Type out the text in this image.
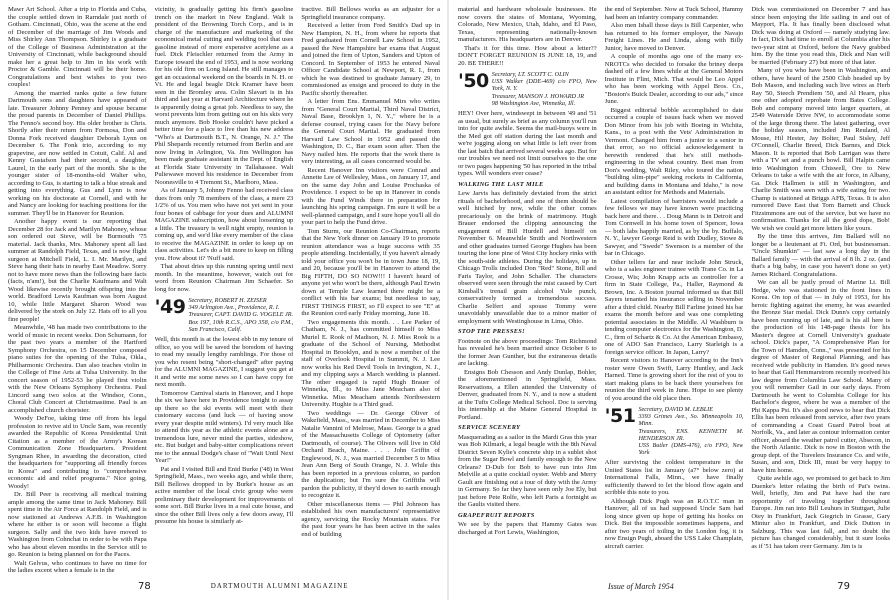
Mawr Art School. After a trip to Florida and Cuba, the couple settled down in Rarndale just north of Gotham. Cincinnati, Ohio, was the scene at the end of December of the marriage of Jim Woods and Miss Shirley Ann Thompson. Shirley is a graduate of the College of Business Administration at the University of Cincinnati, while background should make her a great help to Jim in his work with Proctor & Gamble. Cincinnati will be their home. Congratulations and best wishes to you two couples!

Among the married ranks quite a few future Dartmouth sons and daughters have appeared of late. Treasurer Johnny Penney and spouse became the proud parents in December of Daniel Phillips. The Fenno's second boy. His older brother is Chris. Shortly after their return from Formosa, Don and Donna Fork received daughter Deborah Lynn on December 6. The Fonk trio, according to my grapevine, are now settled in Cotuit, Calif. Al and Kenny Gustafson had their second, a daughter, Laurel, in the early part of the month. She is the younger sister of 18-months-old Walter who, according to Gus, is starting to talk a blue streak and getting into everything. Gus and Lynn is now working on his doctorate at Cornell, and with he and Nancy are looking for teaching positions for the summer. They'll be in Hanover for Reunion.

Another happy event is our reporting that December 28 for Jack and Marilyn Mahoney, whose son ordered out Steve, will be Burmouth '75 material. Jack thanks, Mrs. Mahoney spent all last summer at Randolph Field, Texas, and is now flight surgeon at Mitchell Field, L. I. Mr. Marilyn, and Steve hang their hats in nearby East Meadow. Sorry not to have more news than the following bare facts (facts, n'am!), but the Charlie Kaufmans and Walt Wood likewise recently brought offspring into the world. Bradford Lewis Kaufman was born August 10, while little Margaret Sharon Wood was delivered by the stork on July 12. Hats off to all you fine people!

Meanwhile, '48 has made two contributions to the world of music in recent weeks. Don Schumann, for the past two years a member of the Hartford Symphony Orchestra, on 15 December composed piano suites for the opening of the Tulsa, Okla., Philharmonic Orchestra. Dan also teaches violin in the College of Fine Arts at Tulsa University. In the concert season of 1952-53 he played first violin with the New Orleans Symphony Orchestra. Paul Lincord sang two solos at the Windsor, Conn., Choral Club Concert at Christmastime. Paul is an accomplished church chorister.

Woody DeFoe, taking time off from his legal profession to revive aid to Uncle Sam, was recently awarded the Republic of Korea Presidential Unit Citation as a member of the Army's Korean Communication Zone Headquarters. President Syngman Rhee, in awarding the decoration, cited the headquarters for "supporting all friendly forces in Korea" and contributing to "comprehensive economic aid and relief programs." Nice going, Woody!

Dr. Bill Peer is receiving all medical training ample among the same time in Jack Mahoney. Bill spent time in the Air Force at Randolph Field, and is now stationed at Andrews A.F.B. in Washington where he either is or soon will become a flight surgeon. Sally and the two kids have moved to Washington from Cohnchat in order to be with Papa who has about eleven months in the Service still to go. Reunion is being planned on for the Paces.

Walt Gelvus, who continues to have no time for the ladies except when a female is in the

vicinity, is gradually getting his firm's gasoline trench on the market in New England. Walt is president of the Browning Torch Corp., and is in charge of the manufacture and marketing of the economical metal cutting and welding tool that uses gasoline instead of more expensive acetylene as a fuel. Dick Fleischler returned from the Army in Europe toward the end of 1953, and is now working for his old firm on Long Island. He still manages to get an occasional weekend on the boards in N. H. or Vt. He and legal beagle Dick Kramer have been seen in the Bromley area. Colin Slavart is in his third and last year at Harvard Architecture where he is apparently doing a great job. Needless to say, the worst prevents him from getting out on his skis very much anymore. Bob Hooke couldn't have picked a better time for a place to live than his new address "Who's at Dartmouth B.T., N. Orange, N. J." The Phil Shepards recently returned from Berlin and are now living in Arlington, Va. Jim Wellington has been made graduate assistant in the Dept. of English at Florida State University in Tallahassee. Walt Puliewawe moved his residence in December from Noonesville to 4 Tremont St., Marlboro, Mass.

As of January 5, Johnny Fenno had received class dues from only 78 members of the class, a mere 23 1/2% of us. You men who have not yet sent in your four bones of cabbage for your dues and ALUMNI MAGAZINE subscription, how about loosening up a little. The treasury is well night empty, reunion is coming up, and we'd like every member of the class to receive the MAGAZINE in order to keep up on class activities. Let's do a bit more to keep on filling you. How about it? 'Nuff said.

That about dries up this running spring until next month. In the meantime, however, watch out for word from Reunion Chairman Jim Schaefer. So long for now.

'49 Secretary, ROBERT H. ZEISER
349 Arlington Ave., Providence, R. I.
Treasurer, CAPT. DAVID G. VOGELE JR.
Box 197, 10th R.C.S., APO 358, c/o P.M., San Francisco, Calif.

Well, this month is at the lowest ebb in my tenure of office, so you will be saved the boredom of having to read my usually lengthy ramblings. For those of you who resent being "short-changed" after paying for the ALUMNI MAGAZINE, I suggest you get at it and write me some news so I can have copy for next month.

Tomorrow Carnival starts in Hanover, and I hope the six we have here in Providence tonight to assay up there so the ski events will meet with their customary success (and luck — of having snow every year despite mild winters). I'd very much like to attend this year as the athletic events alone are a tremendous lure, never mind the parties, sideshow, etc. But budget and baby-sitter complications revert me to the annual Dodge's chase of "Wait Until Next Year!"

Pat and I visited Bill and Enid Burke ('48) in West Springfield, Mass., two weeks ago, and while there, Bill Bellows dropped in by Burke's house as an active member of the local civic group who were preliminary their development for improvements of some sort. Bill Burke lives in a real cute house, and since the other Bill lives only a few doors away, I'll presume his house is similarly at-

tractive. Bill Bellows works as an adjuster for a Springfield insurance company.

Received a letter from Fred Smith's Dad up in New Hampton, N. H., from where he reports that Fred graduated from Cornell Law School in 1952, passed the New Hampshire bar exams that August and joined the firm of Upton, Sanders and Upton of Concord. In September of 1953 he entered Naval Officer Candidate School at Newport, R. I., from which he was destined to graduate January 29, to commissioned as ensign and proceed to duty in the Pacific shortly thereafter.

A letter from Ens. Emmanuel Mirs who writes from "General Court Martial, Third Naval District, Naval Base, Brooklyn 1, N. Y.," where he is a defense counsel, trying cases for the Navy before the General Court Martial. He graduated from Harvard Law School in 1952 and passed the Washington, D. C., Bar exam soon after. Then the Navy nailed him. He reports that the work there is very interesting, as all cases concerned would be.

Recent Hanover Inn visitors were Conrad and Annette Lee of Wellesley, Mass., on January 17, and on the same day John and Louise Prochaska of Providence. I expect to be up in Hanover in conds with the Fund Winds there in preparation for launching his spring campaign. I'm sure it will be a well-planned campaign, and I sure hope you'll all do your part to help the Fund drive.

Tom Sturm, our Reunion Co-Chairman, reports that the New York dinner on January 19 to promote reunion attendance was a huge success with 35 people attending. Incidentally, if you haven't already told your office you won't be in town June 18, 19, and 20, because you'll be in Hanover to attend the Big FIFTH, DO SO NOW!!! I haven't heard of anyone yet who won't be there, although Paul Erwin down at Temple Law learned there might be a conflict with his bar exams; but needless to say, FIRST THINGS FIRST, so I'll expect to see "E" at the Reunion cord early Friday morning, June 18.

Two engagements this month. . . Lee Parker of Chatham, N. J., has committed himself to Miss Muriel E. Rook of Madison, N. J. Miss Rook is a graduate of the School of Nursing, Methodist Hospital in Brooklyn, and is now a member of the staff of Overlook Hospital in Summit, N. J. Lee now works his Red Devil Tools in Irvington, N. J., and my clipping says a March wedding is planned. The other engaged is rapid Hugh Brauer of Winnetka, Ill., to Miss Jane Meacham also of Winnetka. Miss Meacham attends Northwestern University. Hughie is a Third grad.

Two weddings — Dr. George Oliver of Wakefield, Mass., was married in December to Miss Natalie Vannini of Melrose, Mass. George is a grad of the Massachusetts College of Optometry (after Dartmouth, of course). The Olivers will live in Old Orchard Beach, Maine. . . . John Griffin of Englewood, N. J., was married December 5 to Miss Jean Ann Berg of South Orange, N. J. While this has been reported in a previous column, so pardon the duplication; but I'm sure the Griffiths will pardon the publicity, if they'd down to earth enough to recognize it.

Other miscellaneous items — Phil Johnson has established his own manufacturers' representative agency, servicing the Rocky Mountain states. For the past four years he has been active in the sales end of building

78	DARTMOUTH ALUMNI MAGAZINE

material and hardware wholesale businesses. He now covers the states of Montana, Wyoming, Colorado, New Mexico, Utah, Idaho, and El Paso, Texas, representing nationally-known manufacturers. His headquarters are in Denver.

That's it for this time. How about a letter?? DON'T FORGET REUNION IS JUNE 18, 19, and 20. BE THERE!!

'50 Secretary, LT. SCOTT C. OLIN
USS Walker (DDE-469) c/o FPO, New York, N. Y.
Treasurer, MANSON J. HOWARD JR
98 Washington Ave, Winnetka, Ill.

HEY! Over here, windswept in between '49 and '51 as usual, but surely as brief as any column you'll run into for quite awhile. Seems the mail-buoys were in the Med got off station during the last month and we're jogging along on what little is left over from the last batch that arrived several weeks ago. But for our troubles we need not limit ourselves to the one or two pages happening '50 has reported in the tribal types. Will wonders ever cease?

WALKING THE LAST MILE

Lew Jarvis has definitely deviated from the strict rituals of bachelorhood, and one of them should be well hitched by now, while the other comes precariously on the brink of matrimony. Hugh Brauer endorsed the clipping announcing the engagement of Bill Hurdell and himself on November 6. Meanwhile Smith and Northwestern and other graduates turned George Hughes has been touring the lone pine of West City hockey rinks with the south-side athletes. During the holidays, up in Chicago Trolls included Don "Red" Stone, Bill and Faris Taylor, and John Schaller. The characters observed were seen through the mist caused by Curt Kimball's trenail grain alcohol Yule punch, conservatively termed a tremendous success. Charlie Selfert and spouse Tommy were unavoidably unavailable due to a minor matter of employment with Westinghouse in Lima, Ohio.

STOP THE PRESSES!

Footnote on the above proceedings: Tom Richmond has revealed he's been married since October 6 to the former Jean Gunther, but the extraneous details are lacking.

Ensigns Bob Chesson and Andy Dunlap, Bohler, the aforementioned in Springfield, Mass. Reservations, a Ellen attended the University of Denver, graduated from N. Y., and is now a student at the Tufts College Medical School. Doc is serving his internship at the Maine General Hospital in Portland.

SERVICE SCENERY

Masquerading as a sailor in the Mardi Gras this year was Bob Kilmark, a legal beagle with the 8th Naval District Seven Kylie's concrete ship in a sublet shot from the Sugar Bowl and family enough to the New Orleans? D-Dub for Bob to have run into Jim Melville at a quite cocktail oyster. Webb and Merry Gault are finishing out a tour of duty with the Army in Germany. So far they have seen only Joe Ely, but just before Pete Rolfe, who left Paris a fortnight as the Gaults visited there.

GRAPEFRUIT REPORTS

We see by the papers that Hammy Gates was discharged at Fort Lewis, Washington,

the end of September. Now at Tuck School, Hammy had been an infantry company commander.

Also men Ishall those days is Bill Carpenter, who has returned to his former employer, the Navajo Freight Lines. He and Linda, along with Billy Junior, have moved to Denver.

A couple of months ago one of the many ex-NROTCs who decided to forsake the briney deeps dashed off a few lines while at the General Motors Institute in Flint, Mich. That would be Leo Appel who has been working with Appel Bros. Co., "Boston's Buick Dealer, according to our ads," since June.

Biggest editorial bobble accomplished to date occurred a couple of issues back when we moved Don Minor from his job with Boeing in Wichita, Kans., to a post with the Vets' Administration in Vermont. Changed him from a junior to a senior in that error, so no official acknowledgement is herewith rendered that he's still methods-engineering in the wheat country. Best man from Don's wedding, Walt Riley, who toured the nation "building slim-pipe" seeking rockets in California, and building dams in Montana and Idaho," is now an assistant editor for Methods and Materials.

Latest compilation of barristers would include a few fellows we may have known were practicing back here and there. . . Doug Mann is in Detroit and Tom Cornwell in his home town of Spencer, Iowa — both labs happily married, as by the by. Buffalo, N. Y., lawyer George Reid is with Dudley, Stowe & Sawyer, and "Swede" Swenson is a member of the bar in Chicago.

Other tellers far and near include John Struck, who is a sales engineer trainee with Trane Co. in La Crosse, Wis; John Knapp acts as controller for a firm in State College, Pa., Haller, Raymond & Brown, Inc. A Boston journal informed us that Bill Sayers tenanted his insurance selling in November after a third child. Nearby Bill Farline joined his bar exams the month before and was one completing potential associates in the Middle. Al Washburn is tending computer electronics for the Washington, D. C., firm of Schartz & Co. At the American Embassy, one of ADO San Francisco, Larry Starleigh is a foreign service officer. In Japan, Larry?

Recent visitors to Hanover according to the Inn's roster were Owen Swift, Larry Huntley, and Jack Harned. Time is growing short for the rest of you to start making plans to be back there yourselves for reunion the third week in June. Hope to see plenty of you around the old place then.

'51 Secretary, DAVID M. LEBLIE
3393 Grimes Ave., So. Minneapolis 10, Minn.
Treasurers, ENS. KENNETH M. HENDERSON JR.
USS Butler (DMS-476), c/o FPO, New York

After surviving the coldest temperature in the United States list in January (a7° below zero) at International Falls, Minn., we have finally sufficiently thawed to let the blood flow again and scribble this note to you.

Although Dick Pugh was an R.O.T.C man in Hanover, all of us had supposed Uncle Sam had long since given up hope of getting his hooks on Dick. But the impossible sometimes happens, and after two years of toiling in the London fog, it is now Ensign Pugh, aboard the USS Lake Champlain, aircraft carrier.

Dick was commissioned on December 7 and has since been enjoying the life sailing in and out of Mayport, Fla. It has finally been disclosed what Dick was doing at Oxford — namely studying law. In fact, Dick had time to enroll at Columbia after his two-year stint at Oxford, before the Navy grabbed him. By the time you read this, Dick and Nan will be married (February 27) but more of that later.

Many of you who have been in Washington, and others, have heard of the 2500 Club headed up by Bob Mason, and including such live wires as Herb Ray '50, Steech Prendiem '50, and Al Hearn, plus one other adopted reprobate from Bates College. Bob and company moved into larger quarters, at 2549 Waterside Drive NW, to accommodate some of the large throng there. The latest gathering, over the holiday season, included Jim Reuland, Al Mouse, Hil Hester, Jay Bolter, Paul Sisley, Jeff O'Connell, Charlie Breed, Dick Barnes, and Dick Mason. It is reported that Bob Larrigan was there with a TV set and a punch bowl. Bill Halpin came into Washington from Chiswell, Ore to New Orleans to take a wife with the air force, in Albany, Ga. Dick Hallmen is still in Washington, and Charlie Smith was seen with a wife eating for two. Champ is stationed at Briggs AFB, Texas. It is also rumored Dave East that Tom Barnett and Chuck Fitzsimmons are out of the service, but we have no confirmation. Thanks for all the good dope, Bob! We wish we could get more letters like yours.

By the time this arrives, Jim Ballard will no longer be a lieutenant at Ft. Ord, but businessman. "Uncle Shumkin" — last saw a long day in the Ballard family — with the arrival of 8 lb. 2 oz. (and that's a big baby, in case you haven't done so yet) James Richard. Congratulations.

We can all be justly proud of Marine Lt. Bill Hedge, who was stationed in the front lines in Korea. On top of that — in July of 1953, for his heroic fighting against the enemy, he was awarded the Bronze Star medal. Dick Dunn's copy certainly have been running up of late, and is his all here is the production of his 148-page thesis for his Master's degree at Cornell University's graduate school. Dick's paper, "A Comprehensive Plan for the Town of Hamden, Conn.," was presented for his degree of Master of Regional Planning, and has received wide publicity in Hamden. It's good news to hear that Gail Hemmarstrom recently received his law degree from Columbia Law School. Many of you will remember Gail in our early days. From Dartmouth he went to Columbia College for his Bachelor's degree, where he was a member of the Phi Kappa Psi. It's also good news to hear that Dick Ellis has been released from service, after two years of commanding a Coast Guard Patrol boat at Norfolk, Va., and later as contour information center officer, aboard the weather patrol cutter, Absecon, in the North Atlantic. Dick is now in Boston with the group dept. of the Travelers Insurance Co. and wife, Susan, and son, Dick III, must be very happy to have him home.

Quite awhile ago, we promised to get back to Jim Duenke's letter relating the birth of Pat's twins. Well, briefly, Jim and Pat have had the rare opportunity of traveling together throughout Europe. Jim ran into Bill Leuhurs in Stuttgart, Julie Otey in Frankfurt, Jack Giegrich in Grasse, Gary Mintur also in Frankfurt, and Dick Dutton in Salzburg. This was last fall, and no doubt the picture has changed considerably, but it sure looks as if '51 has taken over Germany. Jim is is

Issue of March 1954	79
